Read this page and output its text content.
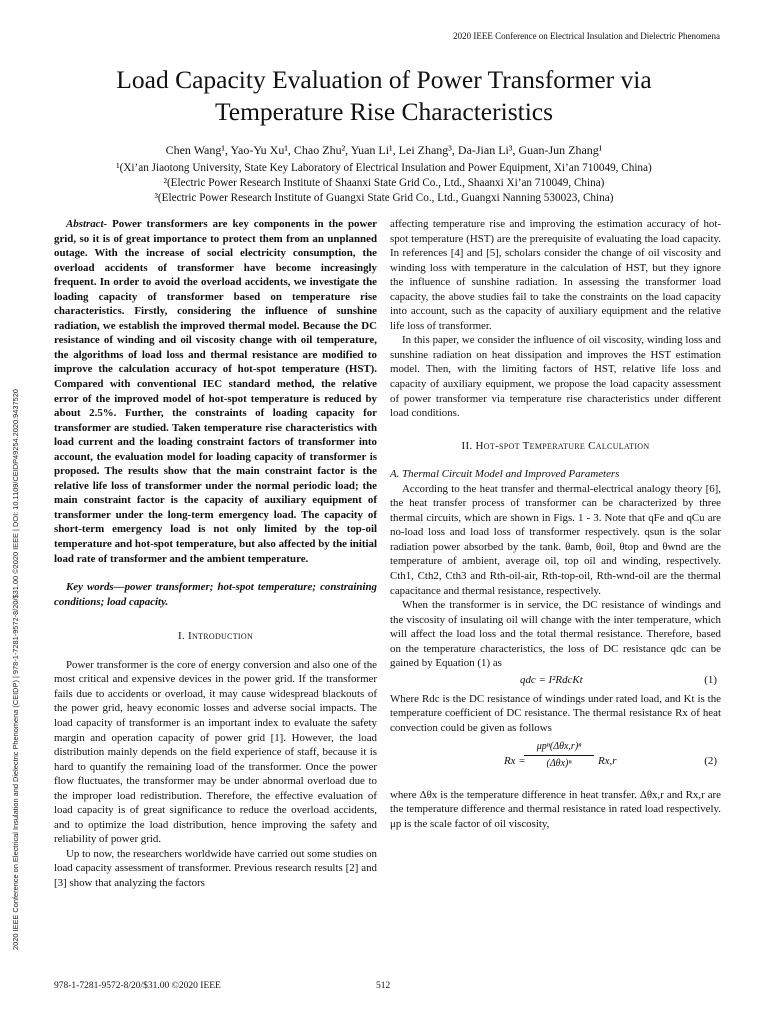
2020 IEEE Conference on Electrical Insulation and Dielectric Phenomena
2020 IEEE Conference on Electrical Insulation and Dielectric Phenomena (CEIDP) | 978-1-7281-9572-8/20/$31.00 ©2020 IEEE | DOI: 10.1109/CEIDP49254.2020.9437520
Load Capacity Evaluation of Power Transformer via
Temperature Rise Characteristics
Chen Wang¹, Yao-Yu Xu¹, Chao Zhu², Yuan Li¹, Lei Zhang³, Da-Jian Li³, Guan-Jun Zhang¹
¹(Xi’an Jiaotong University, State Key Laboratory of Electrical Insulation and Power Equipment, Xi’an 710049, China)
²(Electric Power Research Institute of Shaanxi State Grid Co., Ltd., Shaanxi Xi’an 710049, China)
³(Electric Power Research Institute of Guangxi State Grid Co., Ltd., Guangxi Nanning 530023, China)

Abstract- Power transformers are key components in the power grid, so it is of great importance to protect them from an unplanned outage. With the increase of social electricity consumption, the overload accidents of transformer have become increasingly frequent. In order to avoid the overload accidents, we investigate the loading capacity of transformer based on temperature rise characteristics. Firstly, considering the influence of sunshine radiation, we establish the improved thermal model. Because the DC resistance of winding and oil viscosity change with oil temperature, the algorithms of load loss and thermal resistance are modified to improve the calculation accuracy of hot-spot temperature (HST). Compared with conventional IEC standard method, the relative error of the improved model of hot-spot temperature is reduced by about 2.5%. Further, the constraints of loading capacity for transformer are studied. Taken temperature rise characteristics with load current and the loading constraint factors of transformer into account, the evaluation model for loading capacity of transformer is proposed. The results show that the main constraint factor is the relative life loss of transformer under the normal periodic load; the main constraint factor is the capacity of auxiliary equipment of transformer under the long-term emergency load. The capacity of short-term emergency load is not only limited by the top-oil temperature and hot-spot temperature, but also affected by the initial load rate of transformer and the ambient temperature.

Key words—power transformer; hot-spot temperature; constraining conditions; load capacity.

I. Introduction

Power transformer is the core of energy conversion and also one of the most critical and expensive devices in the power grid. If the transformer fails due to accidents or overload, it may cause widespread blackouts of the power grid, heavy economic losses and adverse social impacts. The load capacity of transformer is an important index to evaluate the safety margin and operation capacity of power grid [1]. However, the load distribution mainly depends on the field experience of staff, because it is hard to quantify the remaining load of the transformer. Once the power flow fluctuates, the transformer may be under abnormal overload due to the improper load redistribution. Therefore, the effective evaluation of load capacity is of great significance to reduce the overload accidents, and to optimize the load distribution, hence improving the safety and reliability of power grid.

Up to now, the researchers worldwide have carried out some studies on load capacity assessment of transformer. Previous research results [2] and [3] show that analyzing the factors

affecting temperature rise and improving the estimation accuracy of hot-spot temperature (HST) are the prerequisite of evaluating the load capacity. In references [4] and [5], scholars consider the change of oil viscosity and winding loss with temperature in the calculation of HST, but they ignore the influence of sunshine radiation. In assessing the transformer load capacity, the above studies fail to take the constraints on the load capacity into account, such as the capacity of auxiliary equipment and the relative life loss of transformer.

In this paper, we consider the influence of oil viscosity, winding loss and sunshine radiation on heat dissipation and improves the HST estimation model. Then, with the limiting factors of HST, relative life loss and capacity of auxiliary equipment, we propose the load capacity assessment of power transformer via temperature rise characteristics under different load conditions.

II. Hot-spot Temperature Calculation

A. Thermal Circuit Model and Improved Parameters

According to the heat transfer and thermal-electrical analogy theory [6], the heat transfer process of transformer can be characterized by three thermal circuits, which are shown in Figs. 1 - 3. Note that qFe and qCu are no-load loss and load loss of transformer respectively. qsun is the solar radiation power absorbed by the tank. θamb, θoil, θtop and θwnd are the temperature of ambient, average oil, top oil and winding, respectively. Cth1, Cth2, Cth3 and Rth-oil-air, Rth-top-oil, Rth-wnd-oil are the thermal capacitance and thermal resistance, respectively.

When the transformer is in service, the DC resistance of windings and the viscosity of insulating oil will change with the inter temperature, which will affect the load loss and the total thermal resistance. Therefore, based on the temperature characteristics, the loss of DC resistance qdc can be gained by Equation (1) as

qdc = I²RdcKt	(1)

Where Rdc is the DC resistance of windings under rated load, and Kt is the temperature coefficient of DC resistance. The thermal resistance Rx of heat convection could be given as follows

Rx =
μpⁿ(Δθx,r)ⁿ
(Δθx)ⁿ	Rx,r	(2)

where Δθx is the temperature difference in heat transfer. Δθx,r and Rx,r are the temperature difference and thermal resistance in rated load respectively. μp is the scale factor of oil viscosity,

978-1-7281-9572-8/20/$31.00 ©2020 IEEE	512
